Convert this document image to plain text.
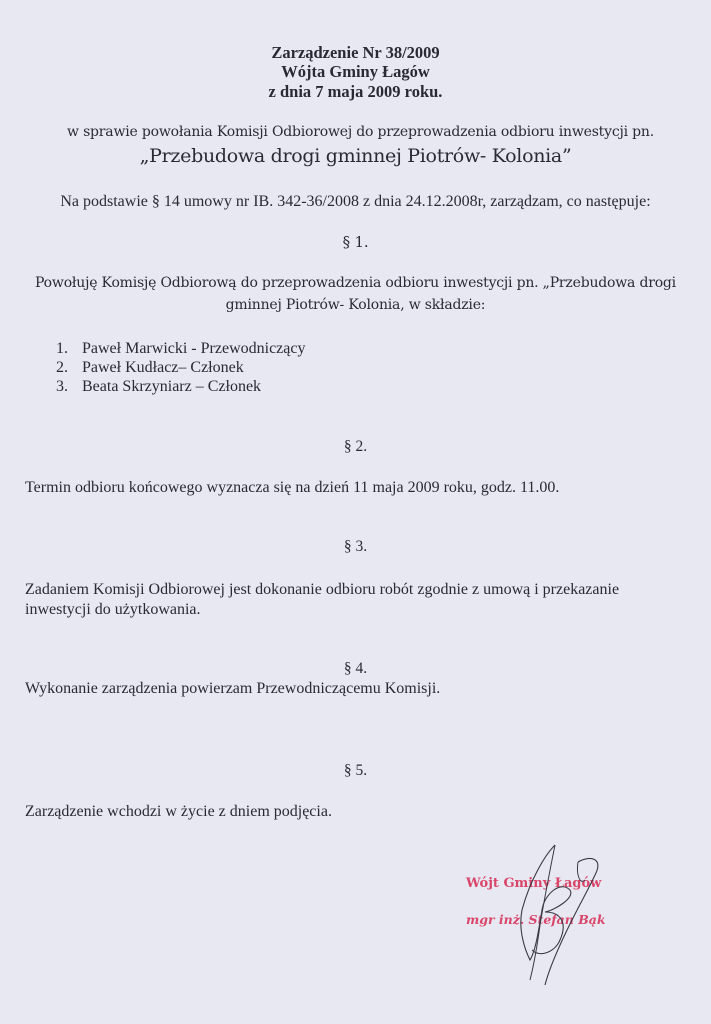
Zarządzenie Nr 38/2009
Wójta Gminy Łagów
z dnia 7 maja 2009 roku.
w sprawie powołania Komisji Odbiorowej do przeprowadzenia odbioru inwestycji pn.
„Przebudowa drogi gminnej Piotrów- Kolonia”
Na podstawie § 14 umowy nr IB. 342-36/2008 z dnia 24.12.2008r, zarządzam, co następuje:
§ 1.
Powołuję Komisję Odbiorową do przeprowadzenia odbioru inwestycji pn. „Przebudowa drogi
gminnej Piotrów- Kolonia, w składzie:
1. Paweł Marwicki - Przewodniczący
2. Paweł Kudłacz– Członek
3. Beata Skrzyniarz – Członek
§ 2.
Termin odbioru końcowego wyznacza się na dzień 11 maja 2009 roku, godz. 11.00.
§ 3.
Zadaniem Komisji Odbiorowej jest dokonanie odbioru robót zgodnie z umową i przekazanie
inwestycji do użytkowania.
§ 4.
Wykonanie zarządzenia powierzam Przewodniczącemu Komisji.
§ 5.
Zarządzenie wchodzi w życie z dniem podjęcia.
Wójt Gminy Łagów
mgr inż. Stefan Bąk
